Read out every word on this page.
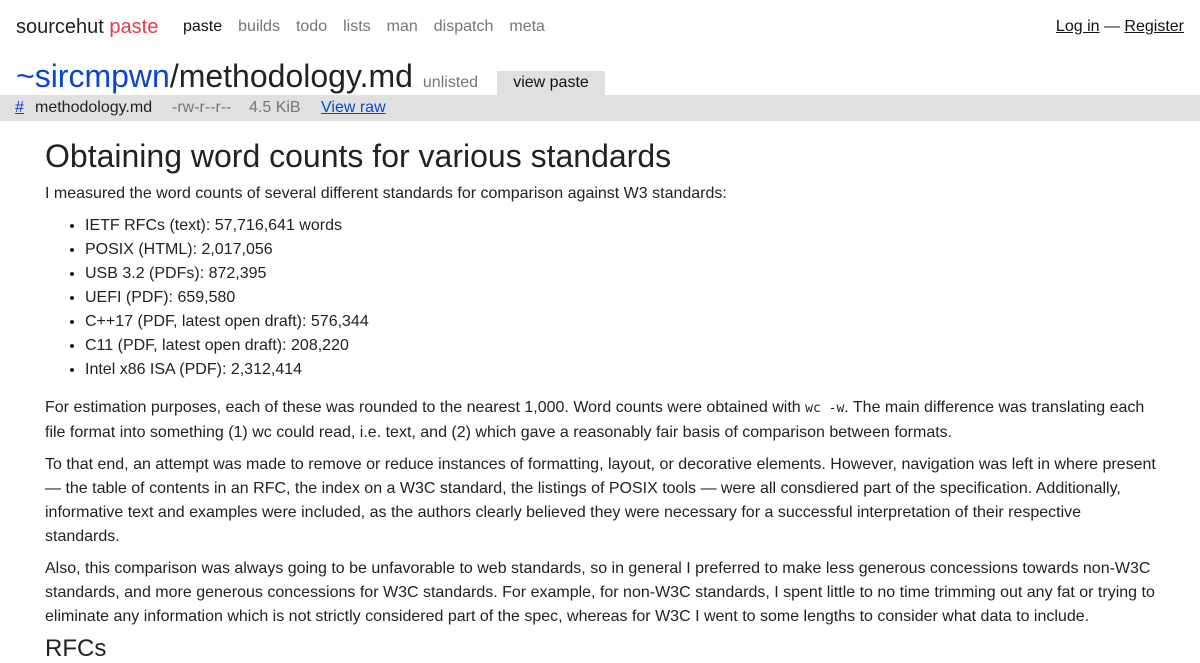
sourcehut paste paste builds todo lists man dispatch meta	Log in — Register
~sircmpwn / methodology.md unlisted	view paste
# methodology.md -rw-r--r-- 4.5 KiB View raw
Obtaining word counts for various standards

I measured the word counts of several different standards for comparison against W3 standards:

• IETF RFCs (text): 57,716,641 words
• POSIX (HTML): 2,017,056
• USB 3.2 (PDFs): 872,395
• UEFI (PDF): 659,580
• C++17 (PDF, latest open draft): 576,344
• C11 (PDF, latest open draft): 208,220
• Intel x86 ISA (PDF): 2,312,414

For estimation purposes, each of these was rounded to the nearest 1,000. Word counts were obtained with wc -w. The main difference was translating each file format into something (1) wc could read, i.e. text, and (2) which gave a reasonably fair basis of comparison between formats.

To that end, an attempt was made to remove or reduce instances of formatting, layout, or decorative elements. However, navigation was left in where present — the table of contents in an RFC, the index on a W3C standard, the listings of POSIX tools — were all consdiered part of the specification. Additionally, informative text and examples were included, as the authors clearly believed they were necessary for a successful interpretation of their respective standards.

Also, this comparison was always going to be unfavorable to web standards, so in general I preferred to make less generous concessions towards non-W3C standards, and more generous concessions for W3C standards. For example, for non-W3C standards, I spent little to no time trimming out any fat or trying to eliminate any information which is not strictly considered part of the spec, whereas for W3C I went to some lengths to consider what data to include.

RFCs
